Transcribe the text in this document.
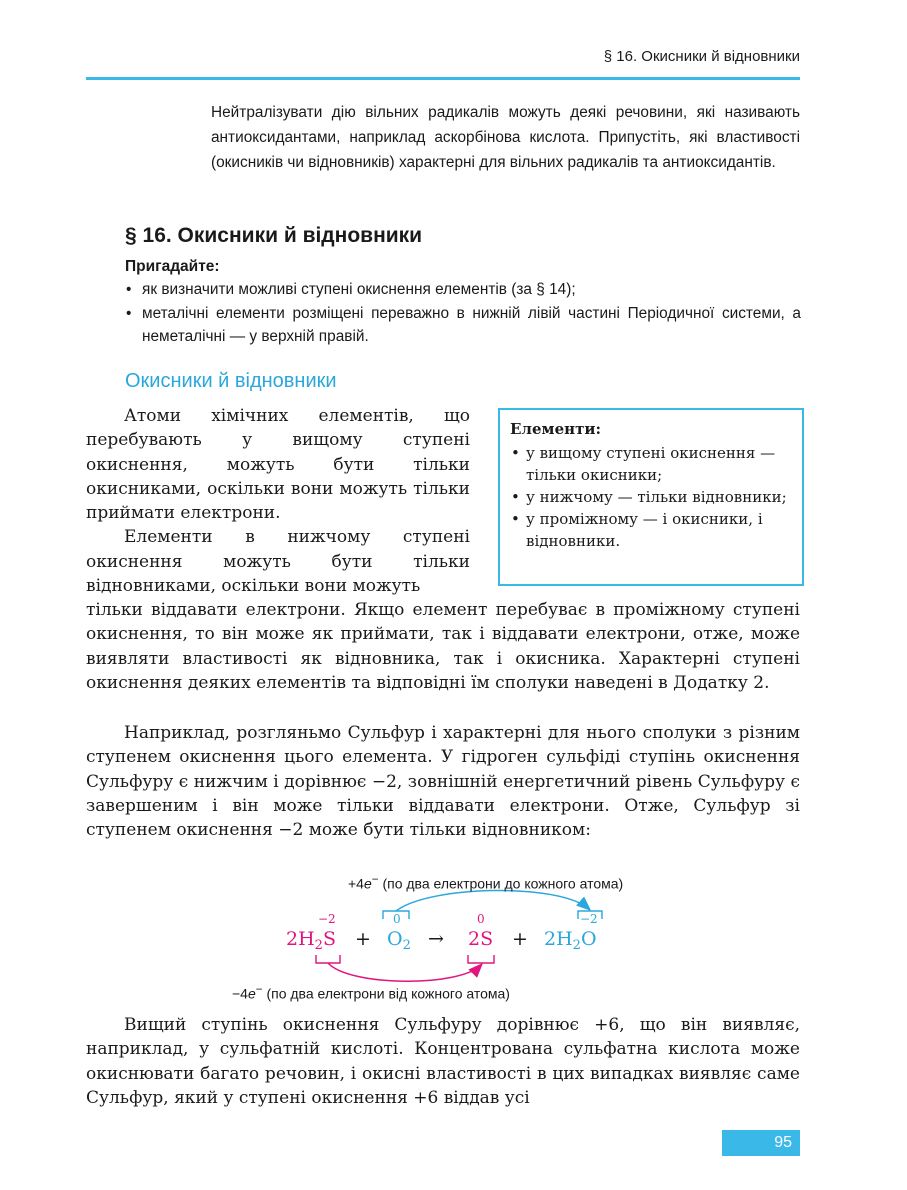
§ 16. Окисники й відновники
Нейтралізувати дію вільних радикалів можуть деякі речовини, які називають антиоксидантами, наприклад аскорбінова кислота. Припустіть, які властивості (окисників чи відновників) характерні для вільних радикалів та антиоксидантів.
§ 16. Окисники й відновники
Пригадайте:
• як визначити можливі ступені окиснення елементів (за § 14);
• металічні елементи розміщені переважно в нижній лівій частині Періодичної системи, а неметалічні — у верхній правій.
Окисники й відновники
Атоми хімічних елементів, що перебувають у вищому ступені окиснення, можуть бути тільки окисниками, оскільки вони можуть тільки приймати електрони.
Елементи в нижчому ступені окиснення можуть бути тільки відновниками, оскільки вони можуть
Елементи:
• у вищому ступені окиснення — тільки окисники;
• у нижчому — тільки відновники;
• у проміжному — і окисники, і відновники.
тільки віддавати електрони. Якщо елемент перебуває в проміжному ступені окиснення, то він може як приймати, так і віддавати електрони, отже, може виявляти властивості як відновника, так і окисника. Характерні ступені окиснення деяких елементів та відповідні їм сполуки наведені в Додатку 2.
Наприклад, розгляньмо Сульфур і характерні для нього сполуки з різним ступенем окиснення цього елемента. У гідроген сульфіді ступінь окиснення Сульфуру є нижчим і дорівнює −2, зовнішній енергетичний рівень Сульфуру є завершеним і він може тільки віддавати електрони. Отже, Сульфур зі ступенем окиснення −2 може бути тільки відновником:
+4e− (по два електрони до кожного атома)
−2	0	0	−2
$2H_2S + O_2 \to 2S + 2H_2O$
−4e− (по два електрони від кожного атома)
Вищий ступінь окиснення Сульфуру дорівнює +6, що він виявляє, наприклад, у сульфатній кислоті. Концентрована сульфатна кислота може окиснювати багато речовин, і окисні властивості в цих випадках виявляє саме Сульфур, який у ступені окиснення +6 віддав усі
95
